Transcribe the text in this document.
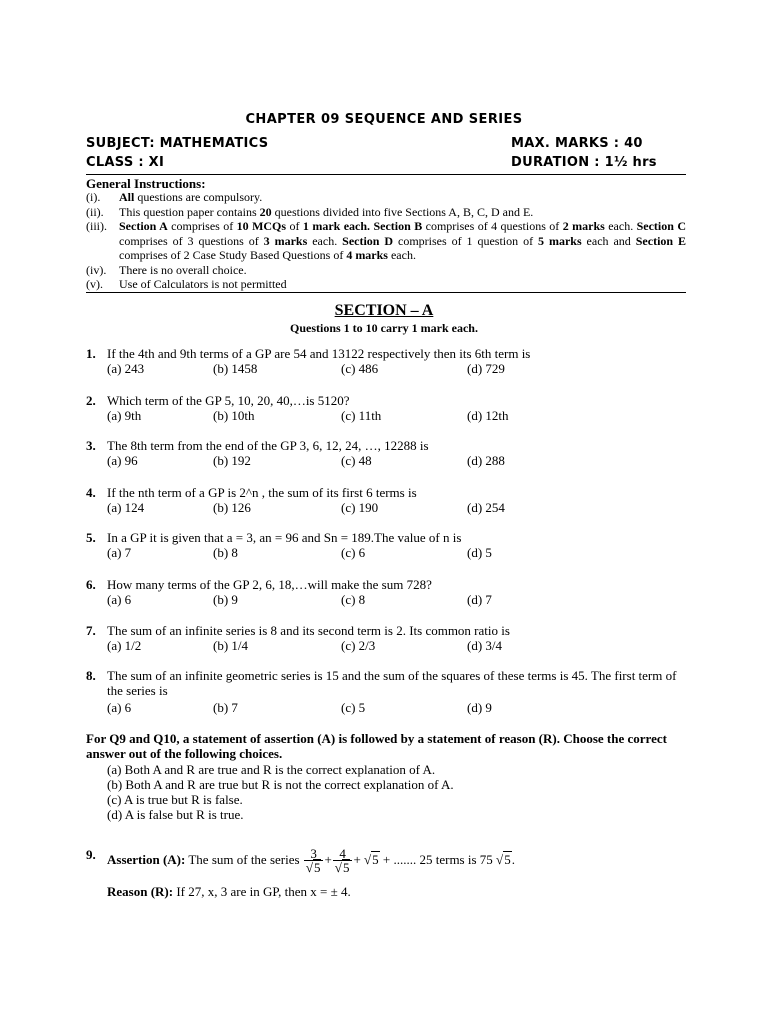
CHAPTER 09 SEQUENCE AND SERIES
SUBJECT: MATHEMATICS	MAX. MARKS : 40
CLASS : XI	DURATION : 1½ hrs
General Instructions:
(i). All questions are compulsory.
(ii). This question paper contains 20 questions divided into five Sections A, B, C, D and E.
(iii). Section A comprises of 10 MCQs of 1 mark each. Section B comprises of 4 questions of 2 marks each. Section C comprises of 3 questions of 3 marks each. Section D comprises of 1 question of 5 marks each and Section E comprises of 2 Case Study Based Questions of 4 marks each.
(iv). There is no overall choice.
(v). Use of Calculators is not permitted
SECTION – A
Questions 1 to 10 carry 1 mark each.
1. If the 4th and 9th terms of a GP are 54 and 13122 respectively then its 6th term is
(a) 243	(b) 1458	(c) 486	(d) 729
2. Which term of the GP 5, 10, 20, 40,…is 5120?
(a) 9th	(b) 10th	(c) 11th	(d) 12th
3. The 8th term from the end of the GP 3, 6, 12, 24, …, 12288 is
(a) 96	(b) 192	(c) 48	(d) 288
4. If the nth term of a GP is 2^n , the sum of its first 6 terms is
(a) 124	(b) 126	(c) 190	(d) 254
5. In a GP it is given that a = 3, an = 96 and Sn = 189.The value of n is
(a) 7	(b) 8	(c) 6	(d) 5
6. How many terms of the GP 2, 6, 18,…will make the sum 728?
(a) 6	(b) 9	(c) 8	(d) 7
7. The sum of an infinite series is 8 and its second term is 2. Its common ratio is
(a) 1/2	(b) 1/4	(c) 2/3	(d) 3/4
8. The sum of an infinite geometric series is 15 and the sum of the squares of these terms is 45. The first term of the series is
(a) 6	(b) 7	(c) 5	(d) 9
For Q9 and Q10, a statement of assertion (A) is followed by a statement of reason (R). Choose the correct answer out of the following choices.
(a) Both A and R are true and R is the correct explanation of A.
(b) Both A and R are true but R is not the correct explanation of A.
(c) A is true but R is false.
(d) A is false but R is true.
9. Assertion (A): The sum of the series $\frac{3}{√5} + \frac{4}{√5} + √5$ + ....... 25 terms is 75 √5.
Reason (R): If 27, x, 3 are in GP, then x = ± 4.
